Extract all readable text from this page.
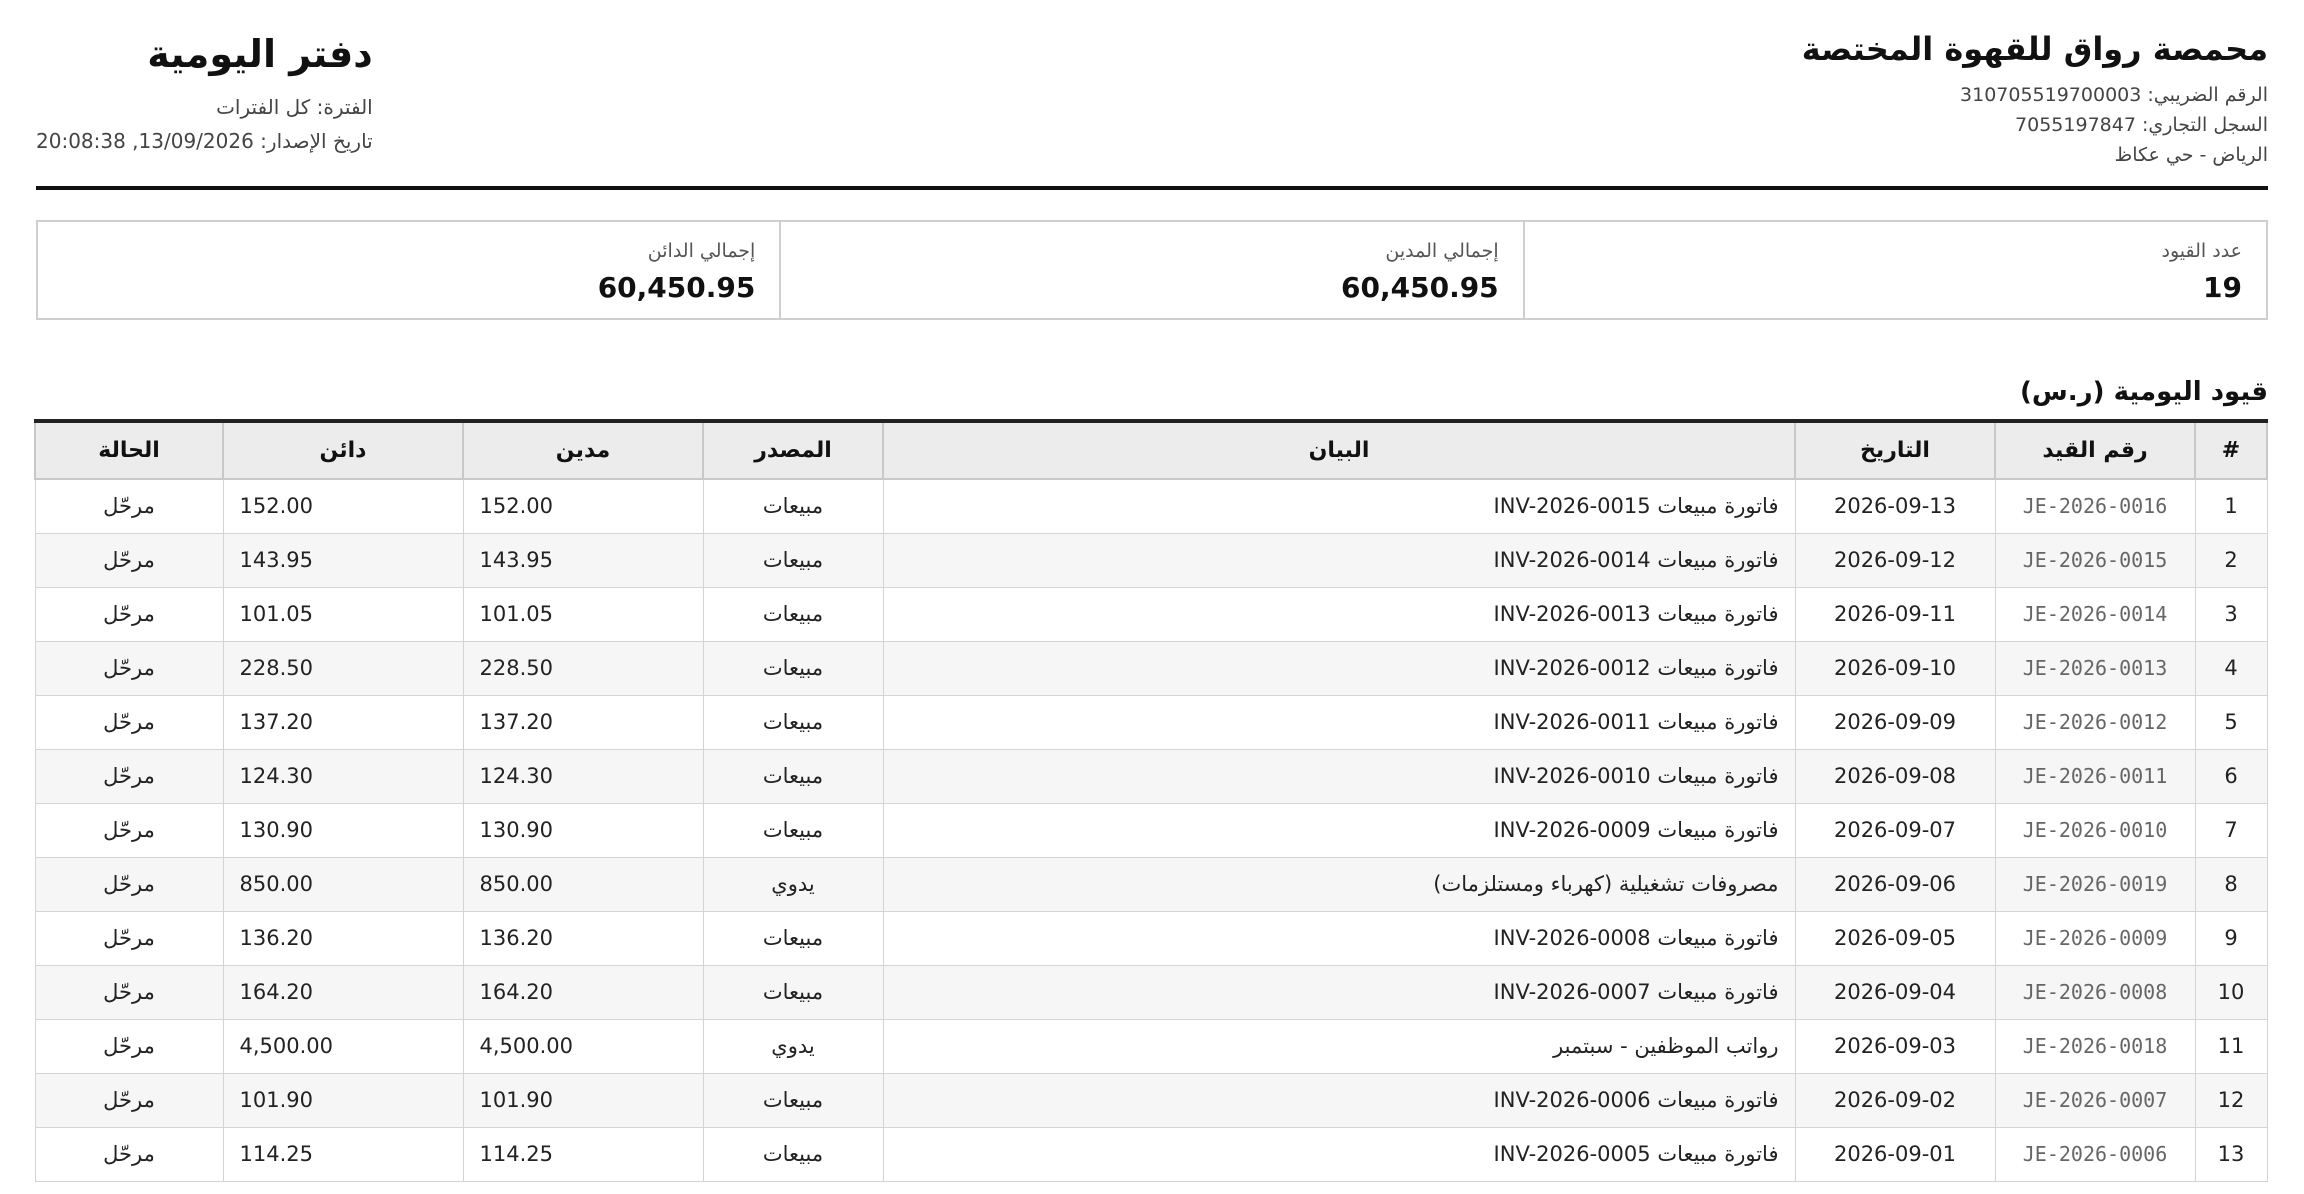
محمصة رواق للقهوة المختصة
الرقم الضريبي: 310705519700003
السجل التجاري: 7055197847
الرياض - حي عكاظ
دفتر اليومية
الفترة: كل الفترات
تاريخ الإصدار: 13/09/2026, 20:08:38
عدد القيود
19
إجمالي المدين
60,450.95
إجمالي الدائن
60,450.95
قيود اليومية (ر.س)
#	رقم القيد	التاريخ	البيان	المصدر	مدين	دائن	الحالة
1	JE-2026-0016	2026-09-13	فاتورة مبيعات INV-2026-0015	مبيعات	152.00	152.00	مرحّل
2	JE-2026-0015	2026-09-12	فاتورة مبيعات INV-2026-0014	مبيعات	143.95	143.95	مرحّل
3	JE-2026-0014	2026-09-11	فاتورة مبيعات INV-2026-0013	مبيعات	101.05	101.05	مرحّل
4	JE-2026-0013	2026-09-10	فاتورة مبيعات INV-2026-0012	مبيعات	228.50	228.50	مرحّل
5	JE-2026-0012	2026-09-09	فاتورة مبيعات INV-2026-0011	مبيعات	137.20	137.20	مرحّل
6	JE-2026-0011	2026-09-08	فاتورة مبيعات INV-2026-0010	مبيعات	124.30	124.30	مرحّل
7	JE-2026-0010	2026-09-07	فاتورة مبيعات INV-2026-0009	مبيعات	130.90	130.90	مرحّل
8	JE-2026-0019	2026-09-06	مصروفات تشغيلية (كهرباء ومستلزمات)	يدوي	850.00	850.00	مرحّل
9	JE-2026-0009	2026-09-05	فاتورة مبيعات INV-2026-0008	مبيعات	136.20	136.20	مرحّل
10	JE-2026-0008	2026-09-04	فاتورة مبيعات INV-2026-0007	مبيعات	164.20	164.20	مرحّل
11	JE-2026-0018	2026-09-03	رواتب الموظفين - سبتمبر	يدوي	4,500.00	4,500.00	مرحّل
12	JE-2026-0007	2026-09-02	فاتورة مبيعات INV-2026-0006	مبيعات	101.90	101.90	مرحّل
13	JE-2026-0006	2026-09-01	فاتورة مبيعات INV-2026-0005	مبيعات	114.25	114.25	مرحّل
